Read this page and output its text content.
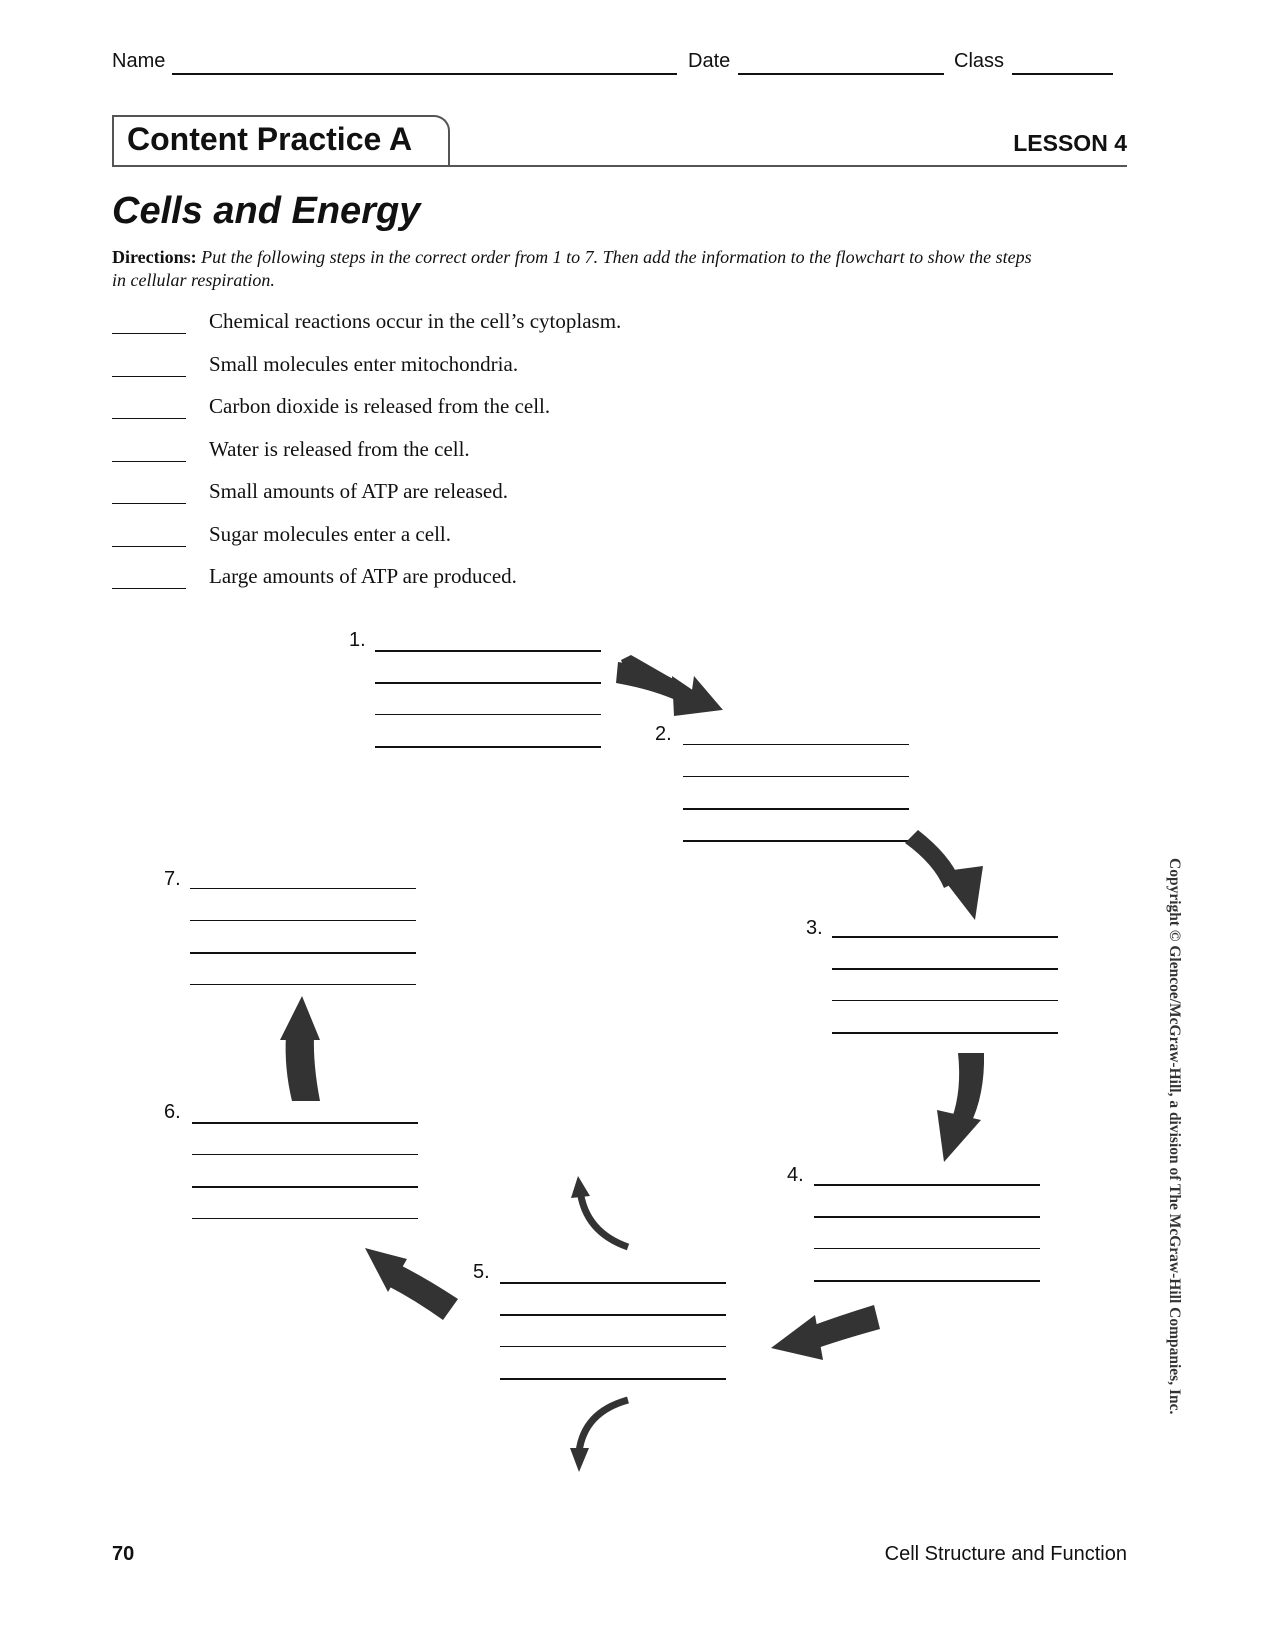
Name	Date	Class
Content Practice A	LESSON 4
Cells and Energy
Directions: Put the following steps in the correct order from 1 to 7. Then add the information to the flowchart to show the steps in cellular respiration.
Chemical reactions occur in the cell’s cytoplasm.
Small molecules enter mitochondria.
Carbon dioxide is released from the cell.
Water is released from the cell.
Small amounts of ATP are released.
Sugar molecules enter a cell.
Large amounts of ATP are produced.
1.
2.
3.
4.
5.
6.
7.	Copyright © Glencoe/McGraw-Hill, a division of The McGraw-Hill Companies, Inc.
70	Cell Structure and Function
